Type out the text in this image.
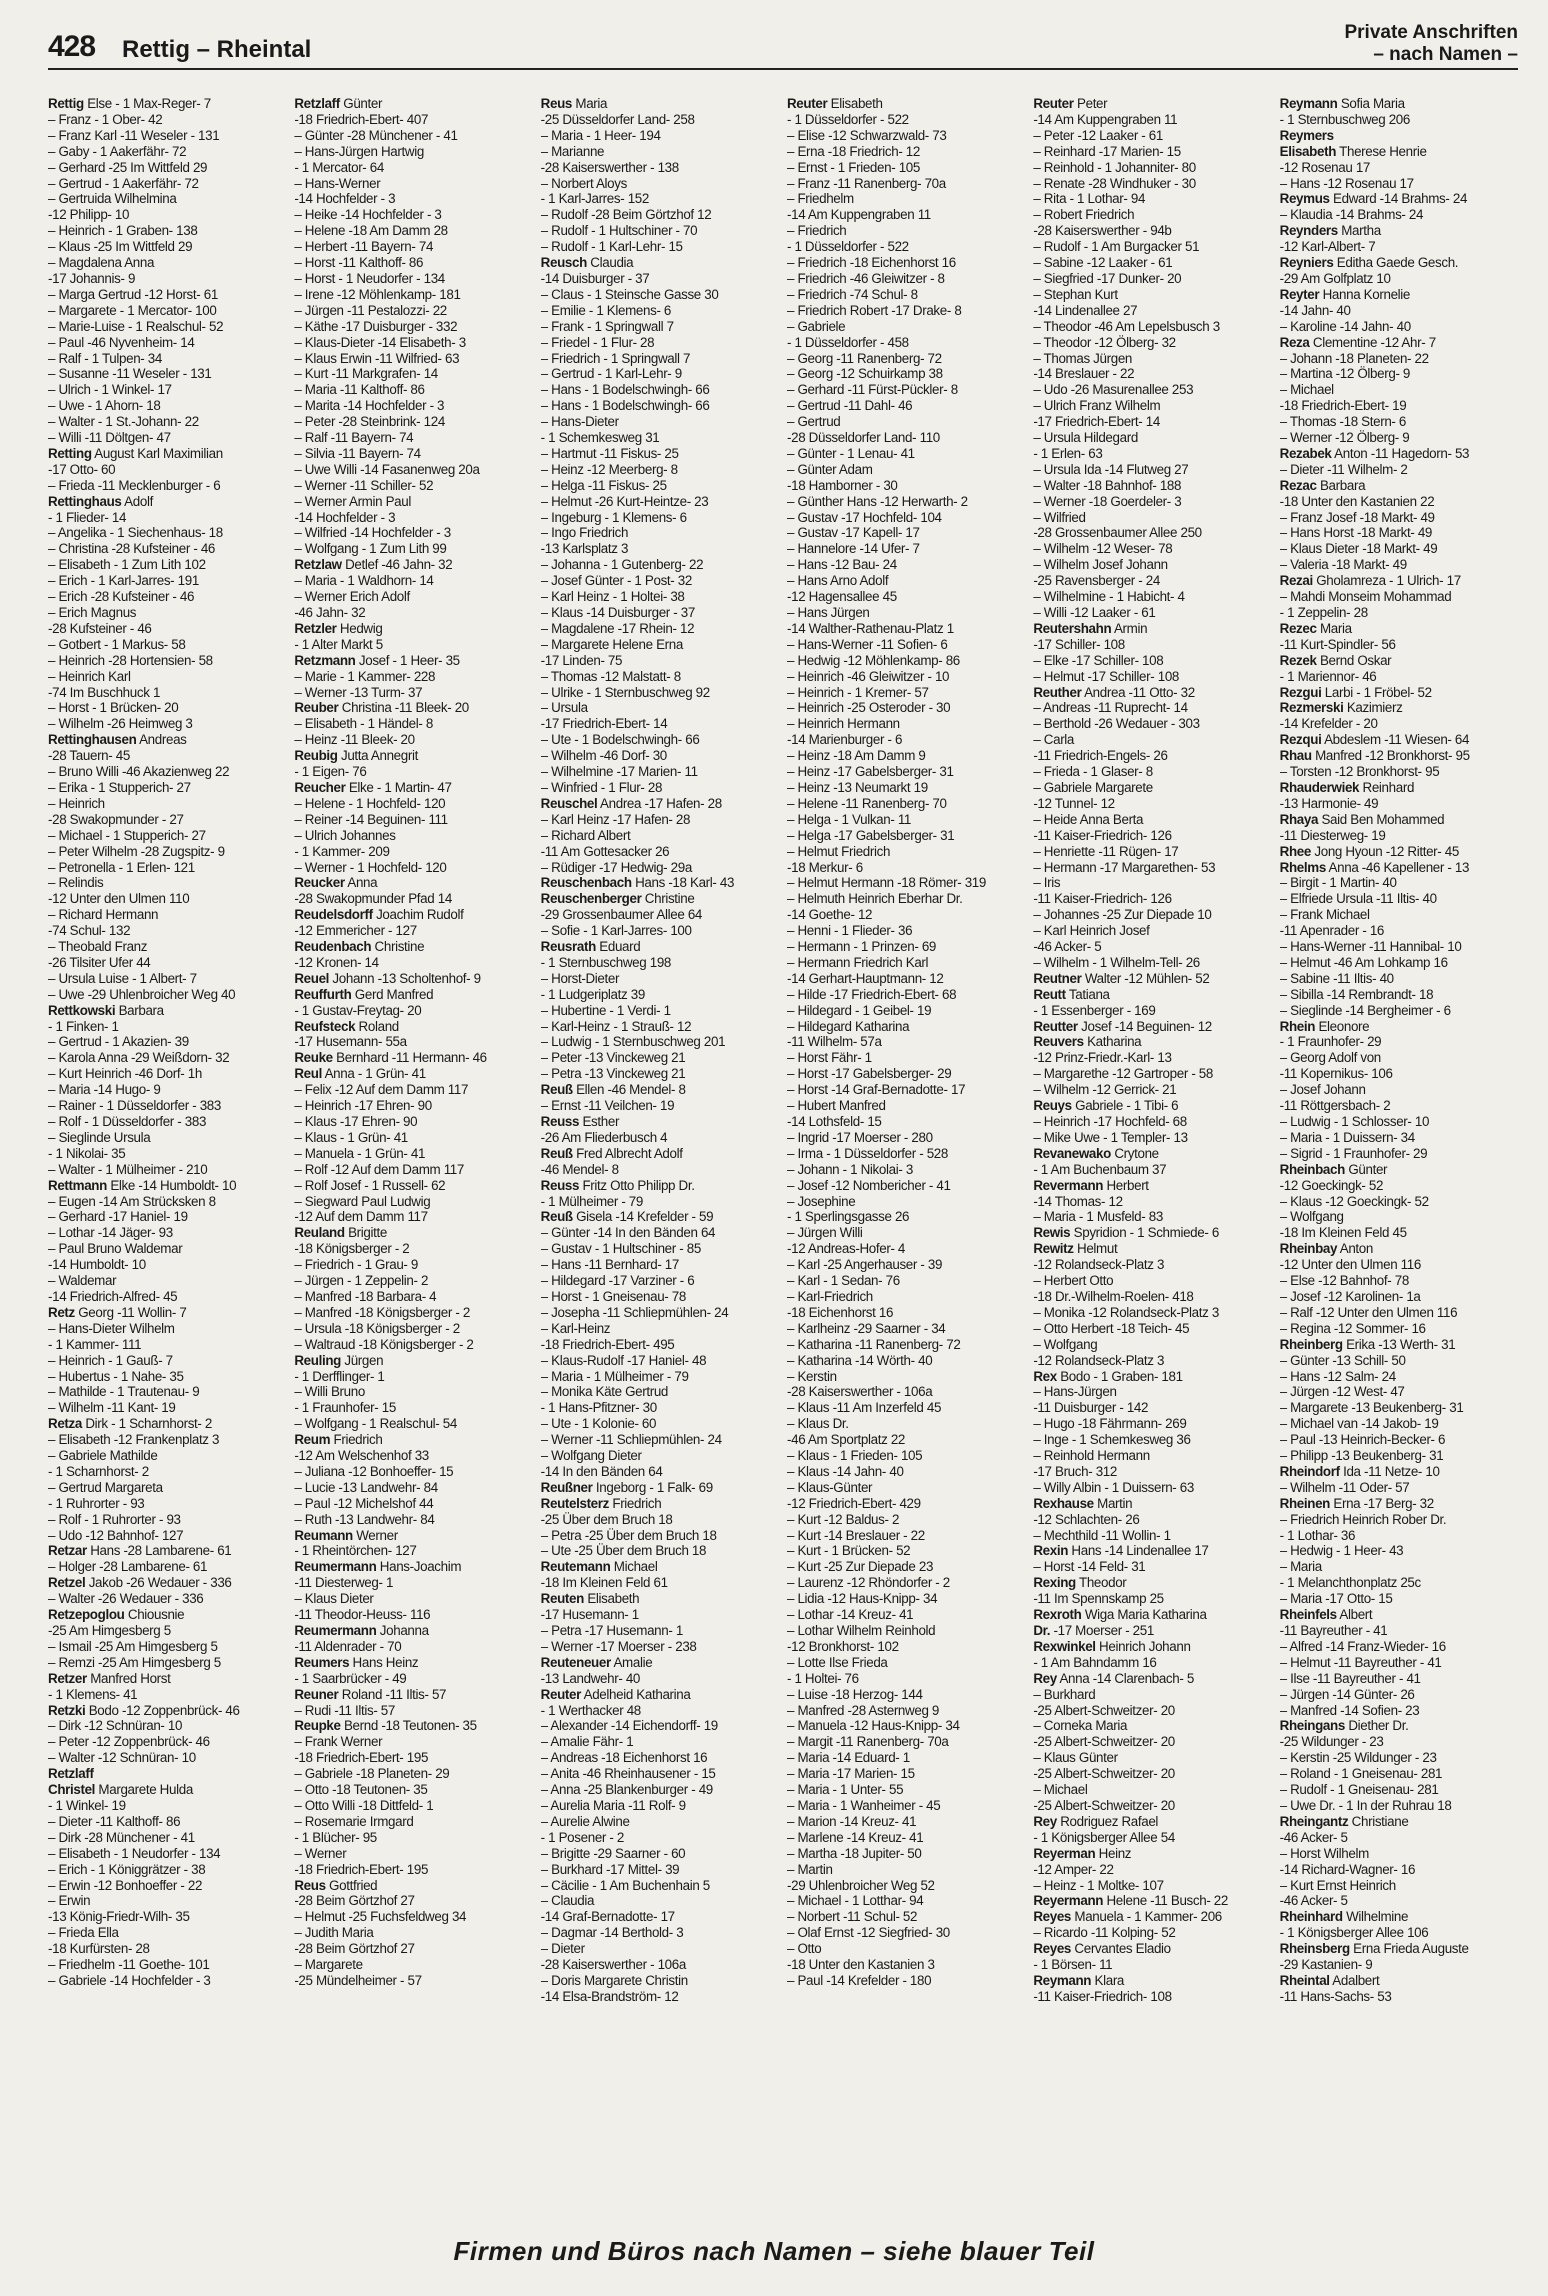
428 Rettig – Rheintal
Private Anschriften
– nach Namen –
Rettig Else - 1 Max-Reger- 7
– Franz - 1 Ober- 42
– Franz Karl -11 Weseler - 131
– Gaby - 1 Aakerfähr- 72
– Gerhard -25 Im Wittfeld 29
– Gertrud - 1 Aakerfähr- 72
– Gertruida Wilhelmina
-12 Philipp- 10
– Heinrich - 1 Graben- 138
– Klaus -25 Im Wittfeld 29
– Magdalena Anna
-17 Johannis- 9
– Marga Gertrud -12 Horst- 61
– Margarete - 1 Mercator- 100
– Marie-Luise - 1 Realschul- 52
– Paul -46 Nyvenheim- 14
– Ralf - 1 Tulpen- 34
– Susanne -11 Weseler - 131
– Ulrich - 1 Winkel- 17
– Uwe - 1 Ahorn- 18
– Walter - 1 St.-Johann- 22
– Willi -11 Döltgen- 47
Retting August Karl Maximilian
-17 Otto- 60
– Frieda -11 Mecklenburger - 6
Rettinghaus Adolf
- 1 Flieder- 14
– Angelika - 1 Siechenhaus- 18
– Christina -28 Kufsteiner - 46
– Elisabeth - 1 Zum Lith 102
– Erich - 1 Karl-Jarres- 191
– Erich -28 Kufsteiner - 46
– Erich Magnus
-28 Kufsteiner - 46
– Gotbert - 1 Markus- 58
– Heinrich -28 Hortensien- 58
– Heinrich Karl
-74 Im Buschhuck 1
– Horst - 1 Brücken- 20
– Wilhelm -26 Heimweg 3
Rettinghausen Andreas
-28 Tauern- 45
– Bruno Willi -46 Akazienweg 22
– Erika - 1 Stupperich- 27
– Heinrich
-28 Swakopmunder - 27
– Michael - 1 Stupperich- 27
– Peter Wilhelm -28 Zugspitz- 9
– Petronella - 1 Erlen- 121
– Relindis
-12 Unter den Ulmen 110
– Richard Hermann
-74 Schul- 132
– Theobald Franz
-26 Tilsiter Ufer 44
– Ursula Luise - 1 Albert- 7
– Uwe -29 Uhlenbroicher Weg 40
Rettkowski Barbara
- 1 Finken- 1
– Gertrud - 1 Akazien- 39
– Karola Anna -29 Weißdorn- 32
– Kurt Heinrich -46 Dorf- 1h
– Maria -14 Hugo- 9
– Rainer - 1 Düsseldorfer - 383
– Rolf - 1 Düsseldorfer - 383
– Sieglinde Ursula
- 1 Nikolai- 35
– Walter - 1 Mülheimer - 210
Rettmann Elke -14 Humboldt- 10
– Eugen -14 Am Strücksken 8
– Gerhard -17 Haniel- 19
– Lothar -14 Jäger- 93
– Paul Bruno Waldemar
-14 Humboldt- 10
– Waldemar
-14 Friedrich-Alfred- 45
Retz Georg -11 Wollin- 7
– Hans-Dieter Wilhelm
- 1 Kammer- 111
– Heinrich - 1 Gauß- 7
– Hubertus - 1 Nahe- 35
– Mathilde - 1 Trautenau- 9
– Wilhelm -11 Kant- 19
Retza Dirk - 1 Scharnhorst- 2
– Elisabeth -12 Frankenplatz 3
– Gabriele Mathilde
- 1 Scharnhorst- 2
– Gertrud Margareta
- 1 Ruhrorter - 93
– Rolf - 1 Ruhrorter - 93
– Udo -12 Bahnhof- 127
Retzar Hans -28 Lambarene- 61
– Holger -28 Lambarene- 61
Retzel Jakob -26 Wedauer - 336
– Walter -26 Wedauer - 336
Retzepoglou Chiousnie
-25 Am Himgesberg 5
– Ismail -25 Am Himgesberg 5
– Remzi -25 Am Himgesberg 5
Retzer Manfred Horst
- 1 Klemens- 41
Retzki Bodo -12 Zoppenbrück- 46
– Dirk -12 Schnüran- 10
– Peter -12 Zoppenbrück- 46
– Walter -12 Schnüran- 10
Retzlaff
Christel Margarete Hulda
- 1 Winkel- 19
– Dieter -11 Kalthoff- 86
– Dirk -28 Münchener - 41
– Elisabeth - 1 Neudorfer - 134
– Erich - 1 Königgrätzer - 38
– Erwin -12 Bonhoeffer - 22
– Erwin
-13 König-Friedr-Wilh- 35
– Frieda Ella
-18 Kurfürsten- 28
– Friedhelm -11 Goethe- 101
– Gabriele -14 Hochfelder - 3
Retzlaff Günter
-18 Friedrich-Ebert- 407
– Günter -28 Münchener - 41
– Hans-Jürgen Hartwig
- 1 Mercator- 64
– Hans-Werner
-14 Hochfelder - 3
– Heike -14 Hochfelder - 3
– Helene -18 Am Damm 28
– Herbert -11 Bayern- 74
– Horst -11 Kalthoff- 86
– Horst - 1 Neudorfer - 134
– Irene -12 Möhlenkamp- 181
– Jürgen -11 Pestalozzi- 22
– Käthe -17 Duisburger - 332
– Klaus-Dieter -14 Elisabeth- 3
– Klaus Erwin -11 Wilfried- 63
– Kurt -11 Markgrafen- 14
– Maria -11 Kalthoff- 86
– Marita -14 Hochfelder - 3
– Peter -28 Steinbrink- 124
– Ralf -11 Bayern- 74
– Silvia -11 Bayern- 74
– Uwe Willi -14 Fasanenweg 20a
– Werner -11 Schiller- 52
– Werner Armin Paul
-14 Hochfelder - 3
– Wilfried -14 Hochfelder - 3
– Wolfgang - 1 Zum Lith 99
Retzlaw Detlef -46 Jahn- 32
– Maria - 1 Waldhorn- 14
– Werner Erich Adolf
-46 Jahn- 32
Retzler Hedwig
- 1 Alter Markt 5
Retzmann Josef - 1 Heer- 35
– Marie - 1 Kammer- 228
– Werner -13 Turm- 37
Reuber Christina -11 Bleek- 20
– Elisabeth - 1 Händel- 8
– Heinz -11 Bleek- 20
Reubig Jutta Annegrit
- 1 Eigen- 76
Reucher Elke - 1 Martin- 47
– Helene - 1 Hochfeld- 120
– Reiner -14 Beguinen- 111
– Ulrich Johannes
- 1 Kammer- 209
– Werner - 1 Hochfeld- 120
Reucker Anna
-28 Swakopmunder Pfad 14
Reudelsdorff Joachim Rudolf
-12 Emmericher - 127
Reudenbach Christine
-12 Kronen- 14
Reuel Johann -13 Scholtenhof- 9
Reuffurth Gerd Manfred
- 1 Gustav-Freytag- 20
Reufsteck Roland
-17 Husemann- 55a
Reuke Bernhard -11 Hermann- 46
Reul Anna - 1 Grün- 41
– Felix -12 Auf dem Damm 117
– Heinrich -17 Ehren- 90
– Klaus -17 Ehren- 90
– Klaus - 1 Grün- 41
– Manuela - 1 Grün- 41
– Rolf -12 Auf dem Damm 117
– Rolf Josef - 1 Russell- 62
– Siegward Paul Ludwig
-12 Auf dem Damm 117
Reuland Brigitte
-18 Königsberger - 2
– Friedrich - 1 Grau- 9
– Jürgen - 1 Zeppelin- 2
– Manfred -18 Barbara- 4
– Manfred -18 Königsberger - 2
– Ursula -18 Königsberger - 2
– Waltraud -18 Königsberger - 2
Reuling Jürgen
- 1 Derfflinger- 1
– Willi Bruno
- 1 Fraunhofer- 15
– Wolfgang - 1 Realschul- 54
Reum Friedrich
-12 Am Welschenhof 33
– Juliana -12 Bonhoeffer- 15
– Lucie -13 Landwehr- 84
– Paul -12 Michelshof 44
– Ruth -13 Landwehr- 84
Reumann Werner
- 1 Rheintörchen- 127
Reumermann Hans-Joachim
-11 Diesterweg- 1
– Klaus Dieter
-11 Theodor-Heuss- 116
Reumermann Johanna
-11 Aldenrader - 70
Reumers Hans Heinz
- 1 Saarbrücker - 49
Reuner Roland -11 Iltis- 57
– Rudi -11 Iltis- 57
Reupke Bernd -18 Teutonen- 35
– Frank Werner
-18 Friedrich-Ebert- 195
– Gabriele -18 Planeten- 29
– Otto -18 Teutonen- 35
– Otto Willi -18 Dittfeld- 1
– Rosemarie Irmgard
- 1 Blücher- 95
– Werner
-18 Friedrich-Ebert- 195
Reus Gottfried
-28 Beim Görtzhof 27
– Helmut -25 Fuchsfeldweg 34
– Judith Maria
-28 Beim Görtzhof 27
– Margarete
-25 Mündelheimer - 57
Reus Maria
-25 Düsseldorfer Land- 258
– Maria - 1 Heer- 194
– Marianne
-28 Kaiserswerther - 138
– Norbert Aloys
- 1 Karl-Jarres- 152
– Rudolf -28 Beim Görtzhof 12
– Rudolf - 1 Hultschiner - 70
– Rudolf - 1 Karl-Lehr- 15
Reusch Claudia
-14 Duisburger - 37
– Claus - 1 Steinsche Gasse 30
– Emilie - 1 Klemens- 6
– Frank - 1 Springwall 7
– Friedel - 1 Flur- 28
– Friedrich - 1 Springwall 7
– Gertrud - 1 Karl-Lehr- 9
– Hans - 1 Bodelschwingh- 66
– Hans - 1 Bodelschwingh- 66
– Hans-Dieter
- 1 Schemkesweg 31
– Hartmut -11 Fiskus- 25
– Heinz -12 Meerberg- 8
– Helga -11 Fiskus- 25
– Helmut -26 Kurt-Heintze- 23
– Ingeburg - 1 Klemens- 6
– Ingo Friedrich
-13 Karlsplatz 3
– Johanna - 1 Gutenberg- 22
– Josef Günter - 1 Post- 32
– Karl Heinz - 1 Holtei- 38
– Klaus -14 Duisburger - 37
– Magdalene -17 Rhein- 12
– Margarete Helene Erna
-17 Linden- 75
– Thomas -12 Malstatt- 8
– Ulrike - 1 Sternbuschweg 92
– Ursula
-17 Friedrich-Ebert- 14
– Ute - 1 Bodelschwingh- 66
– Wilhelm -46 Dorf- 30
– Wilhelmine -17 Marien- 11
– Winfried - 1 Flur- 28
Reuschel Andrea -17 Hafen- 28
– Karl Heinz -17 Hafen- 28
– Richard Albert
-11 Am Gottesacker 26
– Rüdiger -17 Hedwig- 29a
Reuschenbach Hans -18 Karl- 43
Reuschenberger Christine
-29 Grossenbaumer Allee 64
– Sofie - 1 Karl-Jarres- 100
Reusrath Eduard
- 1 Sternbuschweg 198
– Horst-Dieter
- 1 Ludgeriplatz 39
– Hubertine - 1 Verdi- 1
– Karl-Heinz - 1 Strauß- 12
– Ludwig - 1 Sternbuschweg 201
– Peter -13 Vinckeweg 21
– Petra -13 Vinckeweg 21
Reuß Ellen -46 Mendel- 8
– Ernst -11 Veilchen- 19
Reuss Esther
-26 Am Fliederbusch 4
Reuß Fred Albrecht Adolf
-46 Mendel- 8
Reuss Fritz Otto Philipp Dr.
- 1 Mülheimer - 79
Reuß Gisela -14 Krefelder - 59
– Günter -14 In den Bänden 64
– Gustav - 1 Hultschiner - 85
– Hans -11 Bernhard- 17
– Hildegard -17 Varziner - 6
– Horst - 1 Gneisenau- 78
– Josepha -11 Schliepmühlen- 24
– Karl-Heinz
-18 Friedrich-Ebert- 495
– Klaus-Rudolf -17 Haniel- 48
– Maria - 1 Mülheimer - 79
– Monika Käte Gertrud
- 1 Hans-Pfitzner- 30
– Ute - 1 Kolonie- 60
– Werner -11 Schliepmühlen- 24
– Wolfgang Dieter
-14 In den Bänden 64
Reußner Ingeborg - 1 Falk- 69
Reutelsterz Friedrich
-25 Über dem Bruch 18
– Petra -25 Über dem Bruch 18
– Ute -25 Über dem Bruch 18
Reutemann Michael
-18 Im Kleinen Feld 61
Reuten Elisabeth
-17 Husemann- 1
– Petra -17 Husemann- 1
– Werner -17 Moerser - 238
Reuteneuer Amalie
-13 Landwehr- 40
Reuter Adelheid Katharina
- 1 Werthacker 48
– Alexander -14 Eichendorff- 19
– Amalie Fähr- 1
– Andreas -18 Eichenhorst 16
– Anita -46 Rheinhausener - 15
– Anna -25 Blankenburger - 49
– Aurelia Maria -11 Rolf- 9
– Aurelie Alwine
- 1 Posener - 2
– Brigitte -29 Saarner - 60
– Burkhard -17 Mittel- 39
– Cäcilie - 1 Am Buchenhain 5
– Claudia
-14 Graf-Bernadotte- 17
– Dagmar -14 Berthold- 3
– Dieter
-28 Kaiserswerther - 106a
– Doris Margarete Christin
-14 Elsa-Brandström- 12
Reuter Elisabeth
- 1 Düsseldorfer - 522
– Elise -12 Schwarzwald- 73
– Erna -18 Friedrich- 12
– Ernst - 1 Frieden- 105
– Franz -11 Ranenberg- 70a
– Friedhelm
-14 Am Kuppengraben 11
– Friedrich
- 1 Düsseldorfer - 522
– Friedrich -18 Eichenhorst 16
– Friedrich -46 Gleiwitzer - 8
– Friedrich -74 Schul- 8
– Friedrich Robert -17 Drake- 8
– Gabriele
- 1 Düsseldorfer - 458
– Georg -11 Ranenberg- 72
– Georg -12 Schuirkamp 38
– Gerhard -11 Fürst-Pückler- 8
– Gertrud -11 Dahl- 46
– Gertrud
-28 Düsseldorfer Land- 110
– Günter - 1 Lenau- 41
– Günter Adam
-18 Hamborner - 30
– Günther Hans -12 Herwarth- 2
– Gustav -17 Hochfeld- 104
– Gustav -17 Kapell- 17
– Hannelore -14 Ufer- 7
– Hans -12 Bau- 24
– Hans Arno Adolf
-12 Hagensallee 45
– Hans Jürgen
-14 Walther-Rathenau-Platz 1
– Hans-Werner -11 Sofien- 6
– Hedwig -12 Möhlenkamp- 86
– Heinrich -46 Gleiwitzer - 10
– Heinrich - 1 Kremer- 57
– Heinrich -25 Osteroder - 30
– Heinrich Hermann
-14 Marienburger - 6
– Heinz -18 Am Damm 9
– Heinz -17 Gabelsberger- 31
– Heinz -13 Neumarkt 19
– Helene -11 Ranenberg- 70
– Helga - 1 Vulkan- 11
– Helga -17 Gabelsberger- 31
– Helmut Friedrich
-18 Merkur- 6
– Helmut Hermann -18 Römer- 319
– Helmuth Heinrich Eberhar Dr.
-14 Goethe- 12
– Henni - 1 Flieder- 36
– Hermann - 1 Prinzen- 69
– Hermann Friedrich Karl
-14 Gerhart-Hauptmann- 12
– Hilde -17 Friedrich-Ebert- 68
– Hildegard - 1 Geibel- 19
– Hildegard Katharina
-11 Wilhelm- 57a
– Horst Fähr- 1
– Horst -17 Gabelsberger- 29
– Horst -14 Graf-Bernadotte- 17
– Hubert Manfred
-14 Lothsfeld- 15
– Ingrid -17 Moerser - 280
– Irma - 1 Düsseldorfer - 528
– Johann - 1 Nikolai- 3
– Josef -12 Nombericher - 41
– Josephine
- 1 Sperlingsgasse 26
– Jürgen Willi
-12 Andreas-Hofer- 4
– Karl -25 Angerhauser - 39
– Karl - 1 Sedan- 76
– Karl-Friedrich
-18 Eichenhorst 16
– Karlheinz -29 Saarner - 34
– Katharina -11 Ranenberg- 72
– Katharina -14 Wörth- 40
– Kerstin
-28 Kaiserswerther - 106a
– Klaus -11 Am Inzerfeld 45
– Klaus Dr.
-46 Am Sportplatz 22
– Klaus - 1 Frieden- 105
– Klaus -14 Jahn- 40
– Klaus-Günter
-12 Friedrich-Ebert- 429
– Kurt -12 Baldus- 2
– Kurt -14 Breslauer - 22
– Kurt - 1 Brücken- 52
– Kurt -25 Zur Diepade 23
– Laurenz -12 Rhöndorfer - 2
– Lidia -12 Haus-Knipp- 34
– Lothar -14 Kreuz- 41
– Lothar Wilhelm Reinhold
-12 Bronkhorst- 102
– Lotte Ilse Frieda
- 1 Holtei- 76
– Luise -18 Herzog- 144
– Manfred -28 Asternweg 9
– Manuela -12 Haus-Knipp- 34
– Margit -11 Ranenberg- 70a
– Maria -14 Eduard- 1
– Maria -17 Marien- 15
– Maria - 1 Unter- 55
– Maria - 1 Wanheimer - 45
– Marion -14 Kreuz- 41
– Marlene -14 Kreuz- 41
– Martha -18 Jupiter- 50
– Martin
-29 Uhlenbroicher Weg 52
– Michael - 1 Lotthar- 94
– Norbert -11 Schul- 52
– Olaf Ernst -12 Siegfried- 30
– Otto
-18 Unter den Kastanien 3
– Paul -14 Krefelder - 180
Reuter Peter
-14 Am Kuppengraben 11
– Peter -12 Laaker - 61
– Reinhard -17 Marien- 15
– Reinhold - 1 Johanniter- 80
– Renate -28 Windhuker - 30
– Rita - 1 Lothar- 94
– Robert Friedrich
-28 Kaiserswerther - 94b
– Rudolf - 1 Am Burgacker 51
– Sabine -12 Laaker - 61
– Siegfried -17 Dunker- 20
– Stephan Kurt
-14 Lindenallee 27
– Theodor -46 Am Lepelsbusch 3
– Theodor -12 Ölberg- 32
– Thomas Jürgen
-14 Breslauer - 22
– Udo -26 Masurenallee 253
– Ulrich Franz Wilhelm
-17 Friedrich-Ebert- 14
– Ursula Hildegard
- 1 Erlen- 63
– Ursula Ida -14 Flutweg 27
– Walter -18 Bahnhof- 188
– Werner -18 Goerdeler- 3
– Wilfried
-28 Grossenbaumer Allee 250
– Wilhelm -12 Weser- 78
– Wilhelm Josef Johann
-25 Ravensberger - 24
– Wilhelmine - 1 Habicht- 4
– Willi -12 Laaker - 61
Reutershahn Armin
-17 Schiller- 108
– Elke -17 Schiller- 108
– Helmut -17 Schiller- 108
Reuther Andrea -11 Otto- 32
– Andreas -11 Ruprecht- 14
– Berthold -26 Wedauer - 303
– Carla
-11 Friedrich-Engels- 26
– Frieda - 1 Glaser- 8
– Gabriele Margarete
-12 Tunnel- 12
– Heide Anna Berta
-11 Kaiser-Friedrich- 126
– Henriette -11 Rügen- 17
– Hermann -17 Margarethen- 53
– Iris
-11 Kaiser-Friedrich- 126
– Johannes -25 Zur Diepade 10
– Karl Heinrich Josef
-46 Acker- 5
– Wilhelm - 1 Wilhelm-Tell- 26
Reutner Walter -12 Mühlen- 52
Reutt Tatiana
- 1 Essenberger - 169
Reutter Josef -14 Beguinen- 12
Reuvers Katharina
-12 Prinz-Friedr.-Karl- 13
– Margarethe -12 Gartroper - 58
– Wilhelm -12 Gerrick- 21
Reuys Gabriele - 1 Tibi- 6
– Heinrich -17 Hochfeld- 68
– Mike Uwe - 1 Templer- 13
Revanewako Crytone
- 1 Am Buchenbaum 37
Revermann Herbert
-14 Thomas- 12
– Maria - 1 Musfeld- 83
Rewis Spyridion - 1 Schmiede- 6
Rewitz Helmut
-12 Rolandseck-Platz 3
– Herbert Otto
-18 Dr.-Wilhelm-Roelen- 418
– Monika -12 Rolandseck-Platz 3
– Otto Herbert -18 Teich- 45
– Wolfgang
-12 Rolandseck-Platz 3
Rex Bodo - 1 Graben- 181
– Hans-Jürgen
-11 Duisburger - 142
– Hugo -18 Fährmann- 269
– Inge - 1 Schemkesweg 36
– Reinhold Hermann
-17 Bruch- 312
– Willy Albin - 1 Duissern- 63
Rexhause Martin
-12 Schlachten- 26
– Mechthild -11 Wollin- 1
Rexin Hans -14 Lindenallee 17
– Horst -14 Feld- 31
Rexing Theodor
-11 Im Spennskamp 25
Rexroth Wiga Maria Katharina
Dr. -17 Moerser - 251
Rexwinkel Heinrich Johann
- 1 Am Bahndamm 16
Rey Anna -14 Clarenbach- 5
– Burkhard
-25 Albert-Schweitzer- 20
– Corneka Maria
-25 Albert-Schweitzer- 20
– Klaus Günter
-25 Albert-Schweitzer- 20
– Michael
-25 Albert-Schweitzer- 20
Rey Rodriguez Rafael
- 1 Königsberger Allee 54
Reyerman Heinz
-12 Amper- 22
– Heinz - 1 Moltke- 107
Reyermann Helene -11 Busch- 22
Reyes Manuela - 1 Kammer- 206
– Ricardo -11 Kolping- 52
Reyes Cervantes Eladio
- 1 Börsen- 11
Reymann Klara
-11 Kaiser-Friedrich- 108
Reymann Sofia Maria
- 1 Sternbuschweg 206
Reymers
Elisabeth Therese Henrie
-12 Rosenau 17
– Hans -12 Rosenau 17
Reymus Edward -14 Brahms- 24
– Klaudia -14 Brahms- 24
Reynders Martha
-12 Karl-Albert- 7
Reyniers Editha Gaede Gesch.
-29 Am Golfplatz 10
Reyter Hanna Kornelie
-14 Jahn- 40
– Karoline -14 Jahn- 40
Reza Clementine -12 Ahr- 7
– Johann -18 Planeten- 22
– Martina -12 Ölberg- 9
– Michael
-18 Friedrich-Ebert- 19
– Thomas -18 Stern- 6
– Werner -12 Ölberg- 9
Rezabek Anton -11 Hagedorn- 53
– Dieter -11 Wilhelm- 2
Rezac Barbara
-18 Unter den Kastanien 22
– Franz Josef -18 Markt- 49
– Hans Horst -18 Markt- 49
– Klaus Dieter -18 Markt- 49
– Valeria -18 Markt- 49
Rezai Gholamreza - 1 Ulrich- 17
– Mahdi Monseim Mohammad
- 1 Zeppelin- 28
Rezec Maria
-11 Kurt-Spindler- 56
Rezek Bernd Oskar
- 1 Mariennor- 46
Rezgui Larbi - 1 Fröbel- 52
Rezmerski Kazimierz
-14 Krefelder - 20
Rezqui Abdeslem -11 Wiesen- 64
Rhau Manfred -12 Bronkhorst- 95
– Torsten -12 Bronkhorst- 95
Rhauderwiek Reinhard
-13 Harmonie- 49
Rhaya Said Ben Mohammed
-11 Diesterweg- 19
Rhee Jong Hyoun -12 Ritter- 45
Rhelms Anna -46 Kapellener - 13
– Birgit - 1 Martin- 40
– Elfriede Ursula -11 Iltis- 40
– Frank Michael
-11 Apenrader - 16
– Hans-Werner -11 Hannibal- 10
– Helmut -46 Am Lohkamp 16
– Sabine -11 Iltis- 40
– Sibilla -14 Rembrandt- 18
– Sieglinde -14 Bergheimer - 6
Rhein Eleonore
- 1 Fraunhofer- 29
– Georg Adolf von
-11 Kopernikus- 106
– Josef Johann
-11 Röttgersbach- 2
– Ludwig - 1 Schlosser- 10
– Maria - 1 Duissern- 34
– Sigrid - 1 Fraunhofer- 29
Rheinbach Günter
-12 Goeckingk- 52
– Klaus -12 Goeckingk- 52
– Wolfgang
-18 Im Kleinen Feld 45
Rheinbay Anton
-12 Unter den Ulmen 116
– Else -12 Bahnhof- 78
– Josef -12 Karolinen- 1a
– Ralf -12 Unter den Ulmen 116
– Regina -12 Sommer- 16
Rheinberg Erika -13 Werth- 31
– Günter -13 Schill- 50
– Hans -12 Salm- 24
– Jürgen -12 West- 47
– Margarete -13 Beukenberg- 31
– Michael van -14 Jakob- 19
– Paul -13 Heinrich-Becker- 6
– Philipp -13 Beukenberg- 31
Rheindorf Ida -11 Netze- 10
– Wilhelm -11 Oder- 57
Rheinen Erna -17 Berg- 32
– Friedrich Heinrich Rober Dr.
- 1 Lothar- 36
– Hedwig - 1 Heer- 43
– Maria
- 1 Melanchthonplatz 25c
– Maria -17 Otto- 15
Rheinfels Albert
-11 Bayreuther - 41
– Alfred -14 Franz-Wieder- 16
– Helmut -11 Bayreuther - 41
– Ilse -11 Bayreuther - 41
– Jürgen -14 Günter- 26
– Manfred -14 Sofien- 23
Rheingans Diether Dr.
-25 Wildunger - 23
– Kerstin -25 Wildunger - 23
– Roland - 1 Gneisenau- 281
– Rudolf - 1 Gneisenau- 281
– Uwe Dr. - 1 In der Ruhrau 18
Rheingantz Christiane
-46 Acker- 5
– Horst Wilhelm
-14 Richard-Wagner- 16
– Kurt Ernst Heinrich
-46 Acker- 5
Rheinhard Wilhelmine
- 1 Königsberger Allee 106
Rheinsberg Erna Frieda Auguste
-29 Kastanien- 9
Rheintal Adalbert
-11 Hans-Sachs- 53
Firmen und Büros nach Namen – siehe blauer Teil
